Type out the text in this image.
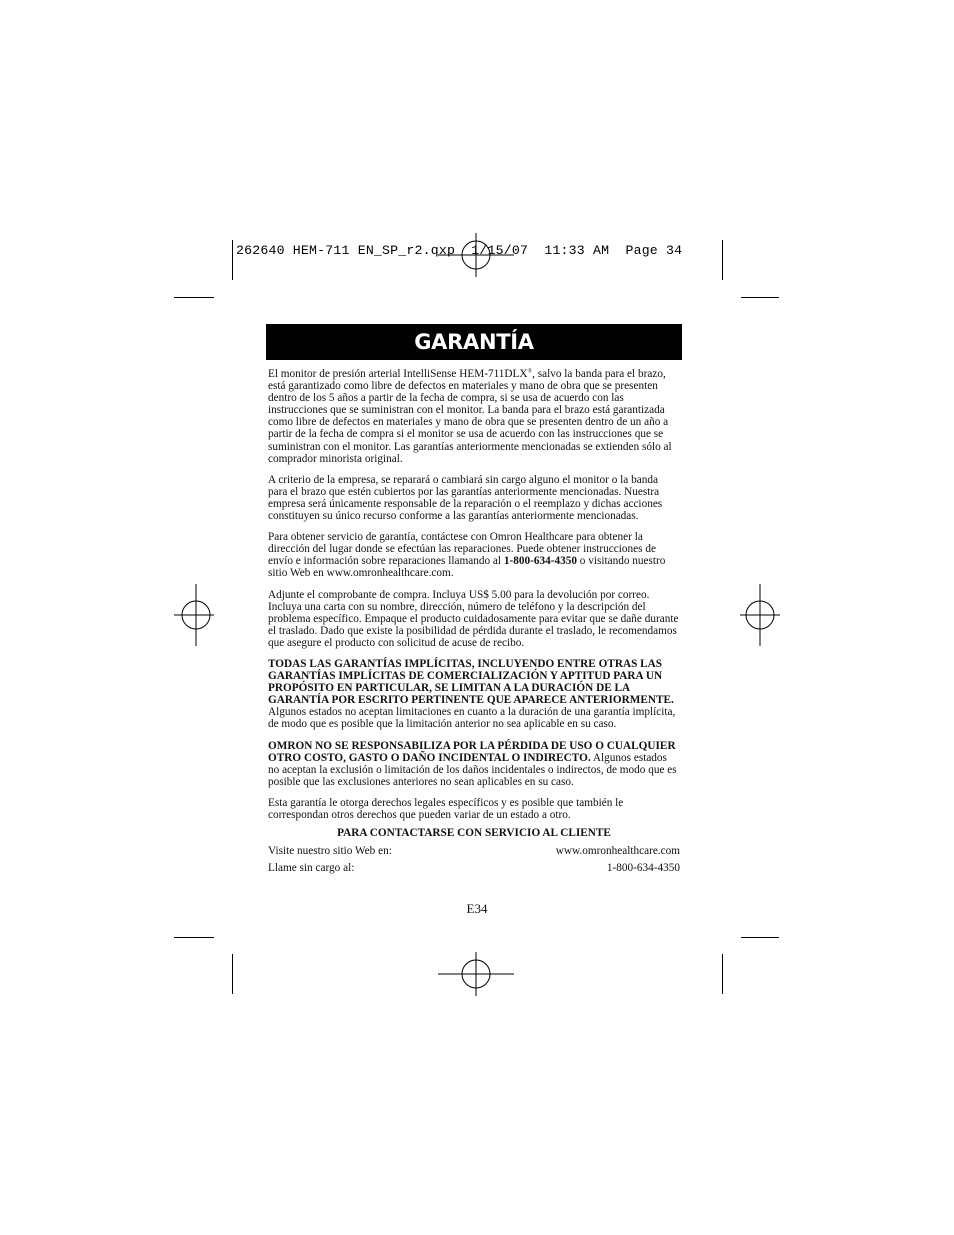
262640 HEM-711 EN_SP_r2.qxp  1/15/07  11:33 AM  Page 34
GARANTÍA

El monitor de presión arterial IntelliSense HEM-711DLX®, salvo la banda para el brazo, está garantizado como libre de defectos en materiales y mano de obra que se presenten dentro de los 5 años a partir de la fecha de compra, si se usa de acuerdo con las instrucciones que se suministran con el monitor. La banda para el brazo está garantizada como libre de defectos en materiales y mano de obra que se presenten dentro de un año a partir de la fecha de compra si el monitor se usa de acuerdo con las instrucciones que se suministran con el monitor. Las garantías anteriormente mencionadas se extienden sólo al comprador minorista original.

A criterio de la empresa, se reparará o cambiará sin cargo alguno el monitor o la banda para el brazo que estén cubiertos por las garantías anteriormente mencionadas. Nuestra empresa será únicamente responsable de la reparación o el reemplazo y dichas acciones constituyen su único recurso conforme a las garantías anteriormente mencionadas.

Para obtener servicio de garantía, contáctese con Omron Healthcare para obtener la dirección del lugar donde se efectúan las reparaciones. Puede obtener instrucciones de envío e información sobre reparaciones llamando al 1-800-634-4350 o visitando nuestro sitio Web en www.omronhealthcare.com.

Adjunte el comprobante de compra. Incluya US$ 5.00 para la devolución por correo. Incluya una carta con su nombre, dirección, número de teléfono y la descripción del problema específico. Empaque el producto cuidadosamente para evitar que se dañe durante el traslado. Dado que existe la posibilidad de pérdida durante el traslado, le recomendamos que asegure el producto con solicitud de acuse de recibo.

TODAS LAS GARANTÍAS IMPLÍCITAS, INCLUYENDO ENTRE OTRAS LAS GARANTÍAS IMPLÍCITAS DE COMERCIALIZACIÓN Y APTITUD PARA UN PROPÓSITO EN PARTICULAR, SE LIMITAN A LA DURACIÓN DE LA GARANTÍA POR ESCRITO PERTINENTE QUE APARECE ANTERIORMENTE. Algunos estados no aceptan limitaciones en cuanto a la duración de una garantía implícita, de modo que es posible que la limitación anterior no sea aplicable en su caso.

OMRON NO SE RESPONSABILIZA POR LA PÉRDIDA DE USO O CUALQUIER OTRO COSTO, GASTO O DAÑO INCIDENTAL O INDIRECTO. Algunos estados no aceptan la exclusión o limitación de los daños incidentales o indirectos, de modo que es posible que las exclusiones anteriores no sean aplicables en su caso.

Esta garantía le otorga derechos legales específicos y es posible que también le correspondan otros derechos que pueden variar de un estado a otro.

PARA CONTACTARSE CON SERVICIO AL CLIENTE
Visite nuestro sitio Web en:	www.omronhealthcare.com
Llame sin cargo al:	1-800-634-4350
E34
